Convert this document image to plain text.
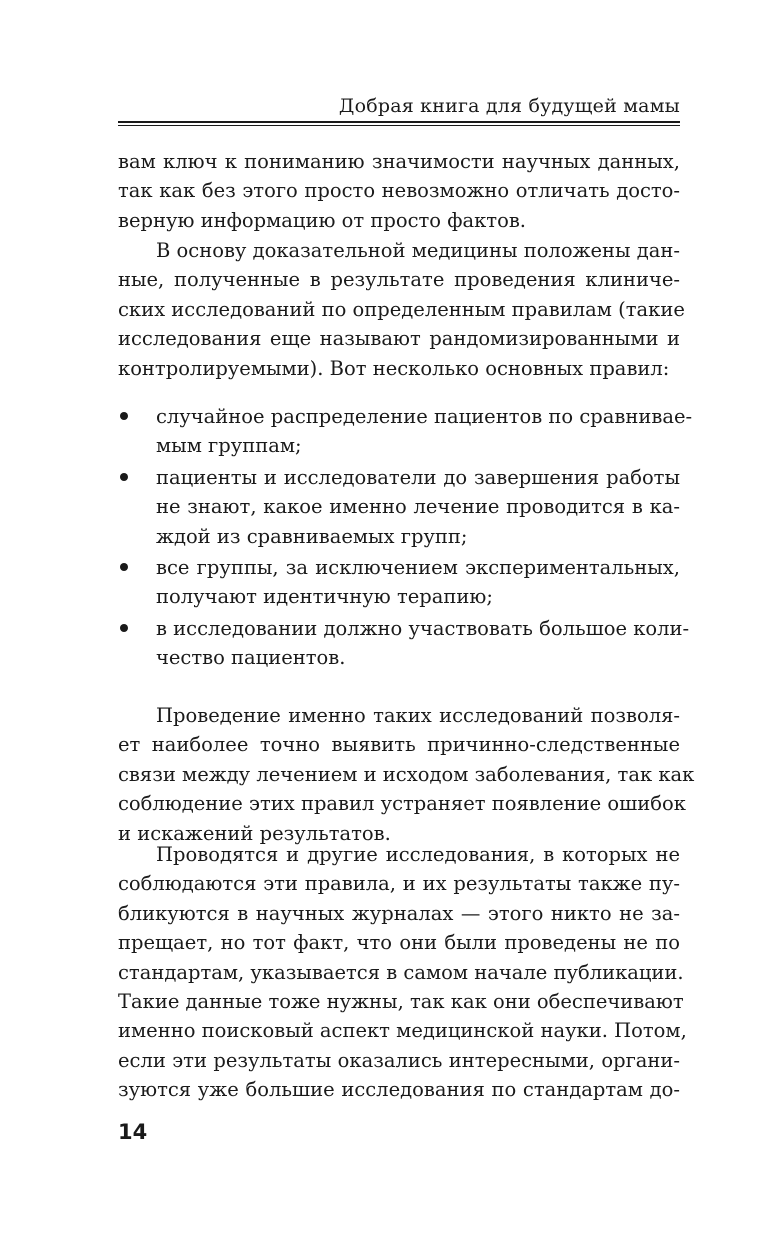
Добрая книга для будущей мамы
вам ключ к пониманию значимости научных данных,
так как без этого просто невозможно отличать досто-
верную информацию от просто фактов.
В основу доказательной медицины положены дан-
ные, полученные в результате проведения клиниче-
ских исследований по определенным правилам (такие
исследования еще называют рандомизированными и
контролируемыми). Вот несколько основных правил:
случайное распределение пациентов по сравнивае-
мым группам;
пациенты и исследователи до завершения работы
не знают, какое именно лечение проводится в ка-
ждой из сравниваемых групп;
все группы, за исключением экспериментальных,
получают идентичную терапию;
в исследовании должно участвовать большое коли-
чество пациентов.
Проведение именно таких исследований позволя-
ет наиболее точно выявить причинно-следственные
связи между лечением и исходом заболевания, так как
соблюдение этих правил устраняет появление ошибок
и искажений результатов.
Проводятся и другие исследования, в которых не
соблюдаются эти правила, и их результаты также пу-
бликуются в научных журналах — этого никто не за-
прещает, но тот факт, что они были проведены не по
стандартам, указывается в самом начале публикации.
Такие данные тоже нужны, так как они обеспечивают
именно поисковый аспект медицинской науки. Потом,
если эти результаты оказались интересными, органи-
зуются уже большие исследования по стандартам до-
14
